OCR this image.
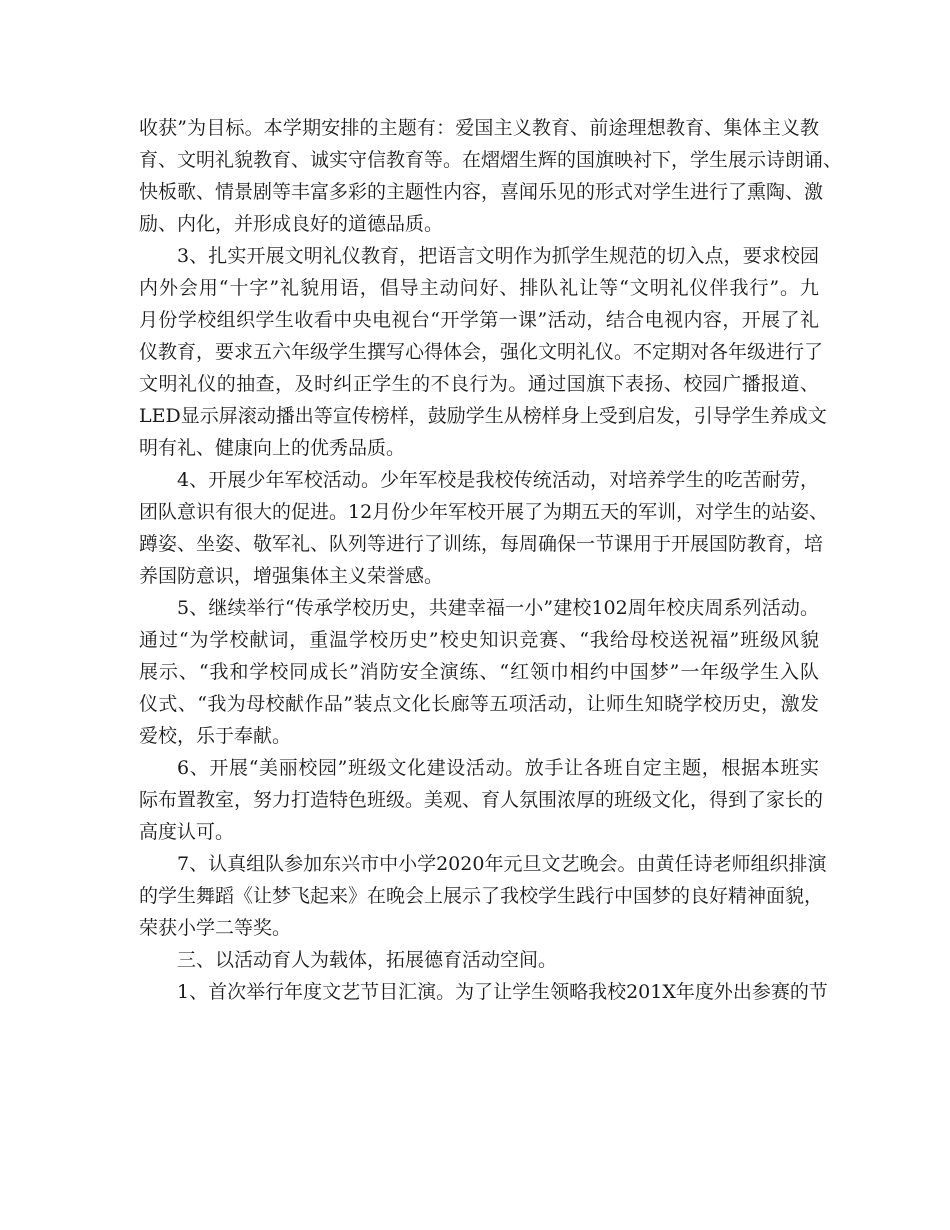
收获”为目标。本学期安排的主题有：爱国主义教育、前途理想教育、集体主义教
育、文明礼貌教育、诚实守信教育等。在熠熠生辉的国旗映衬下，学生展示诗朗诵、
快板歌、情景剧等丰富多彩的主题性内容，喜闻乐见的形式对学生进行了熏陶、激
励、内化，并形成良好的道德品质。
3、扎实开展文明礼仪教育，把语言文明作为抓学生规范的切入点，要求校园
内外会用“十字”礼貌用语，倡导主动问好、排队礼让等“文明礼仪伴我行”。九
月份学校组织学生收看中央电视台“开学第一课”活动，结合电视内容，开展了礼
仪教育，要求五六年级学生撰写心得体会，强化文明礼仪。不定期对各年级进行了
文明礼仪的抽查，及时纠正学生的不良行为。通过国旗下表扬、校园广播报道、
LED显示屏滚动播出等宣传榜样，鼓励学生从榜样身上受到启发，引导学生养成文
明有礼、健康向上的优秀品质。
4、开展少年军校活动。少年军校是我校传统活动，对培养学生的吃苦耐劳，
团队意识有很大的促进。12月份少年军校开展了为期五天的军训，对学生的站姿、
蹲姿、坐姿、敬军礼、队列等进行了训练，每周确保一节课用于开展国防教育，培
养国防意识，增强集体主义荣誉感。
5、继续举行“传承学校历史，共建幸福一小”建校102周年校庆周系列活动。
通过“为学校献词，重温学校历史”校史知识竞赛、“我给母校送祝福”班级风貌
展示、“我和学校同成长”消防安全演练、“红领巾相约中国梦”一年级学生入队
仪式、“我为母校献作品”装点文化长廊等五项活动，让师生知晓学校历史，激发
爱校，乐于奉献。
6、开展“美丽校园”班级文化建设活动。放手让各班自定主题，根据本班实
际布置教室，努力打造特色班级。美观、育人氛围浓厚的班级文化，得到了家长的
高度认可。
7、认真组队参加东兴市中小学2020年元旦文艺晚会。由黄任诗老师组织排演
的学生舞蹈《让梦飞起来》在晚会上展示了我校学生践行中国梦的良好精神面貌，
荣获小学二等奖。
三、以活动育人为载体，拓展德育活动空间。
1、首次举行年度文艺节目汇演。为了让学生领略我校201X年度外出参赛的节
